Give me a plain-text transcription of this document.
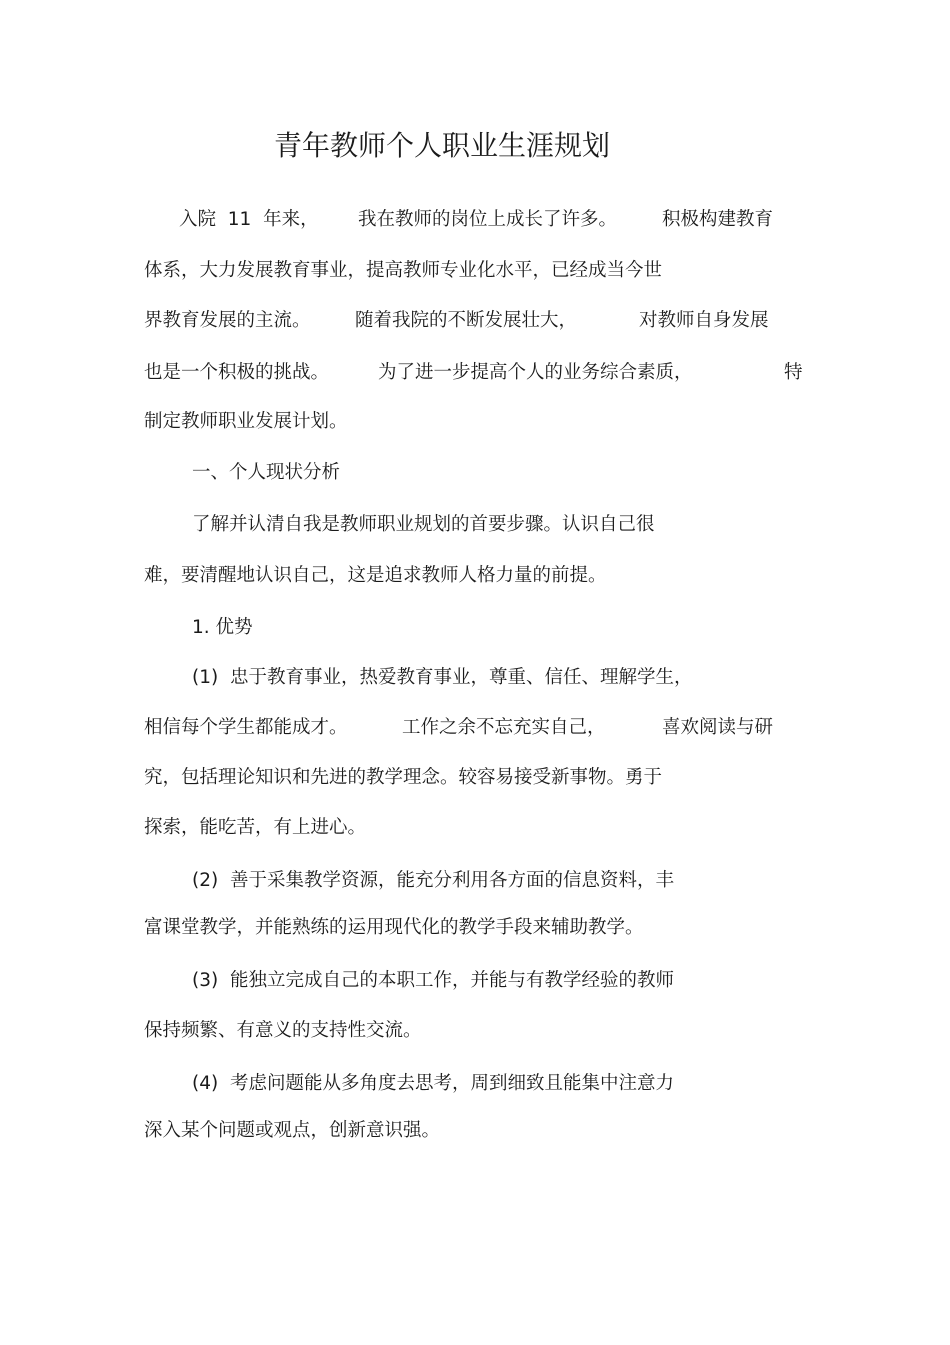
青年教师个人职业生涯规划

入院  11  年来，

我在教师的岗位上成长了许多。

积极构建教育

体系，大力发展教育事业，提高教师专业化水平，已经成当今世

界教育发展的主流。

随着我院的不断发展壮大，

	对教师自身发展

也是一个积极的挑战。

	为了进一步提高个人的业务综合素质，

	特

制定教师职业发展计划。
一、个人现状分析
了解并认清自我是教师职业规划的首要步骤。认识自己很
难，要清醒地认识自己，这是追求教师人格力量的前提。
1. 优势
(1)  忠于教育事业，热爱教育事业，尊重、信任、理解学生，

相信每个学生都能成才。

	工作之余不忘充实自己，

	喜欢阅读与研

究，包括理论知识和先进的教学理念。较容易接受新事物。勇于
探索，能吃苦，有上进心。
(2)  善于采集教学资源，能充分利用各方面的信息资料，丰
富课堂教学，并能熟练的运用现代化的教学手段来辅助教学。
(3)  能独立完成自己的本职工作，并能与有教学经验的教师
保持频繁、有意义的支持性交流。
(4)  考虑问题能从多角度去思考，周到细致且能集中注意力
深入某个问题或观点，创新意识强。
